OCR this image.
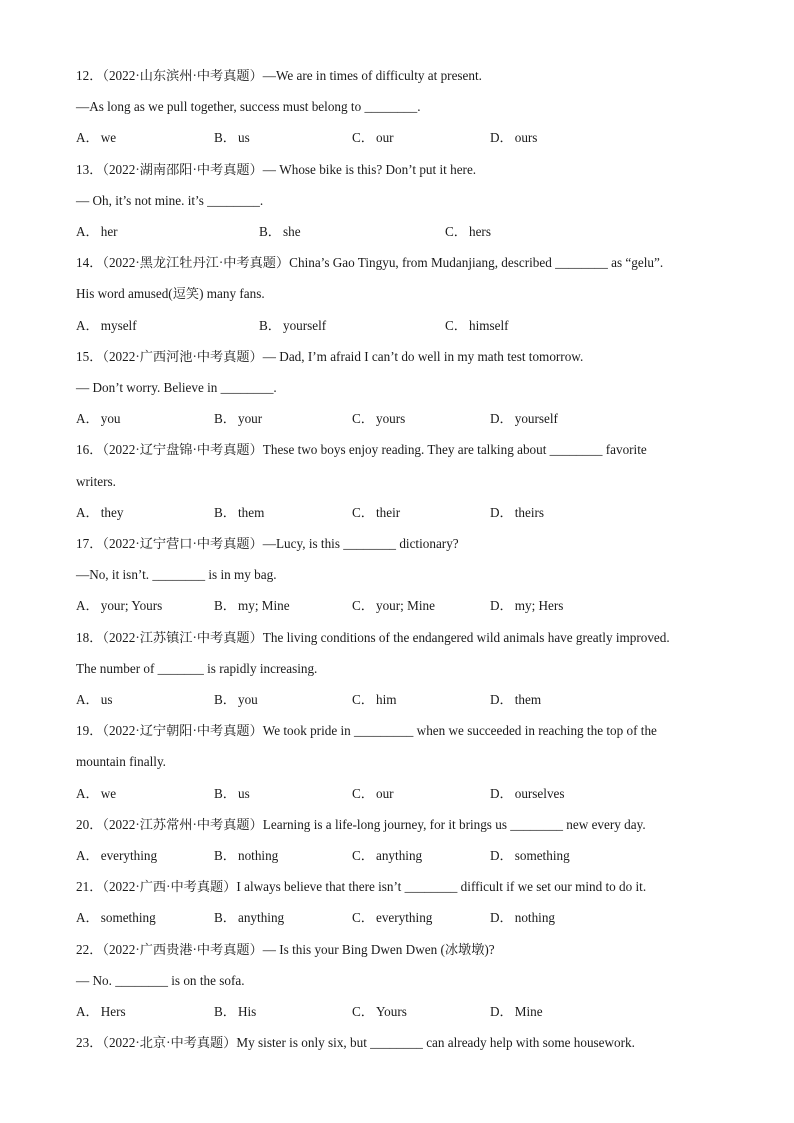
12．（2022·山东滨州·中考真题）—We are in times of difficulty at present.
—As long as we pull together, success must belong to ________.
A． we	B． us	C． our	D． ours
13．（2022·湖南邵阳·中考真题）— Whose bike is this? Don’t put it here.
— Oh, it’s not mine. it’s ________.
A． her	B． she	C． hers
14．（2022·黑龙江牡丹江·中考真题）China’s Gao Tingyu, from Mudanjiang, described ________ as “gelu”.
His word amused(逗笑) many fans.
A． myself	B． yourself	C． himself
15．（2022·广西河池·中考真题）— Dad, I’m afraid I can’t do well in my math test tomorrow.
— Don’t worry. Believe in ________.
A． you	B． your	C． yours	D． yourself
16．（2022·辽宁盘锦·中考真题）These two boys enjoy reading. They are talking about ________ favorite
writers.
A． they	B． them	C． their	D． theirs
17．（2022·辽宁营口·中考真题）—Lucy, is this ________ dictionary?
—No, it isn’t. ________ is in my bag.
A． your; Yours	B． my; Mine	C． your; Mine	D． my; Hers
18．（2022·江苏镇江·中考真题）The living conditions of the endangered wild animals have greatly improved.
The number of _______ is rapidly increasing.
A． us	B． you	C． him	D． them
19．（2022·辽宁朝阳·中考真题）We took pride in _________ when we succeeded in reaching the top of the
mountain finally.
A． we	B． us	C． our	D． ourselves
20．（2022·江苏常州·中考真题）Learning is a life-long journey, for it brings us ________ new every day.
A． everything	B． nothing	C． anything	D． something
21．（2022·广西·中考真题）I always believe that there isn’t ________ difficult if we set our mind to do it.
A． something	B． anything	C． everything	D． nothing
22．（2022·广西贵港·中考真题）— Is this your Bing Dwen Dwen (冰墩墩)?
— No. ________ is on the sofa.
A． Hers	B． His	C． Yours	D． Mine
23．（2022·北京·中考真题）My sister is only six, but ________ can already help with some housework.
